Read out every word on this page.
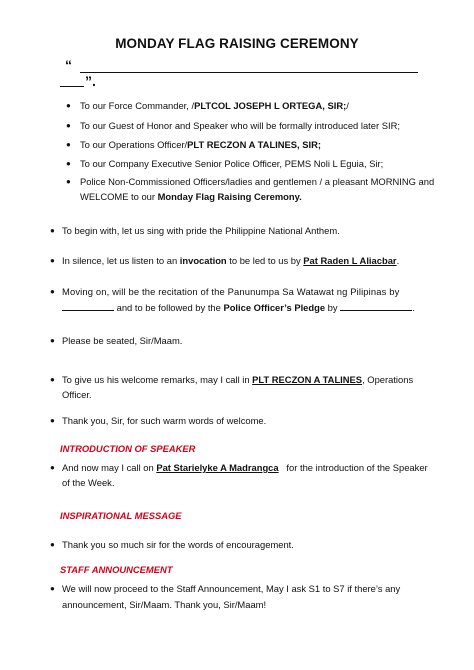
MONDAY FLAG RAISING CEREMONY
“
”.
● To our Force Commander, /PLTCOL JOSEPH L ORTEGA, SIR;/
● To our Guest of Honor and Speaker who will be formally introduced later SIR;
● To our Operations Officer/PLT RECZON A TALINES, SIR;
● To our Company Executive Senior Police Officer, PEMS Noli L Eguia, Sir;
● Police Non-Commissioned Officers/ladies and gentlemen / a pleasant MORNING and
WELCOME to our Monday Flag Raising Ceremony.
● To begin with, let us sing with pride the Philippine National Anthem.
● In silence, let us listen to an invocation to be led to us by Pat Raden L Aliacbar.
● Moving on, will be the recitation of the Panunumpa Sa Watawat ng Pilipinas by
and to be followed by the Police Officer’s Pledge by	.
● Please be seated, Sir/Maam.
● To give us his welcome remarks, may I call in PLT RECZON A TALINES, Operations
Officer.
● Thank you, Sir, for such warm words of welcome.
INTRODUCTION OF SPEAKER
● And now may I call on Pat Starielyke A Madrangca   for the introduction of the Speaker
of the Week.
INSPIRATIONAL MESSAGE
● Thank you so much sir for the words of encouragement.
STAFF ANNOUNCEMENT
● We will now proceed to the Staff Announcement, May I ask S1 to S7 if there’s any
announcement, Sir/Maam. Thank you, Sir/Maam!
